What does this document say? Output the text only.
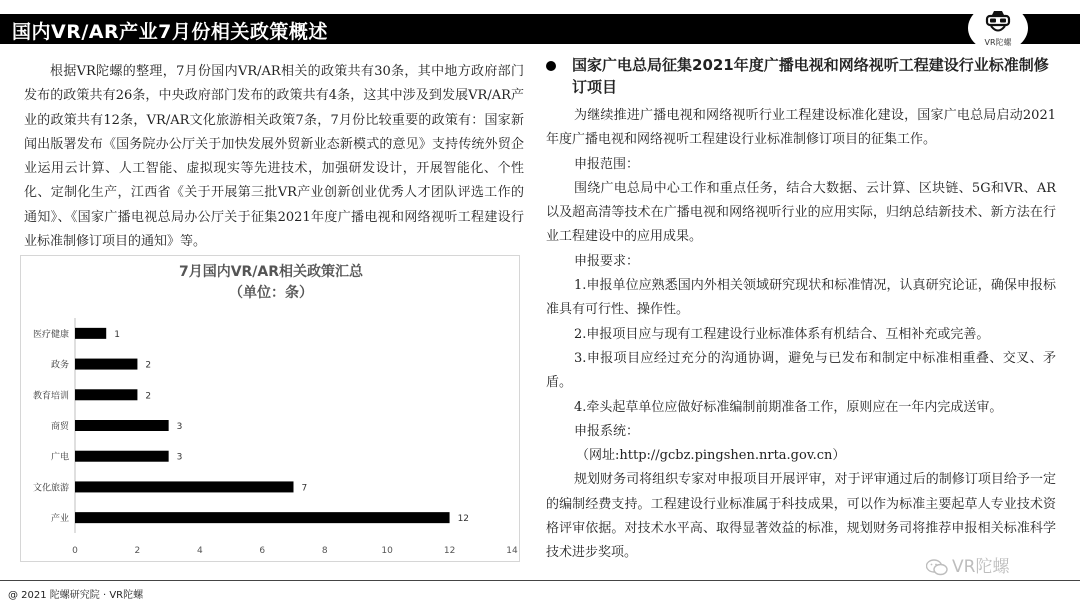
国内VR/AR产业7月份相关政策概述	VR陀螺
根据VR陀螺的整理，7月份国内VR/AR相关的政策共有30条，其中地方政府部门发布的政策共有26条，中央政府部门发布的政策共有4条，这其中涉及到发展VR/AR产业的政策共有12条，VR/AR文化旅游相关政策7条，7月份比较重要的政策有：国家新闻出版署发布《国务院办公厅关于加快发展外贸新业态新模式的意见》支持传统外贸企业运用云计算、人工智能、虚拟现实等先进技术，加强研发设计，开展智能化、个性化、定制化生产，江西省《关于开展第三批VR产业创新创业优秀人才团队评选工作的通知》、《国家广播电视总局办公厅关于征集2021年度广播电视和网络视听工程建设行业标准制修订项目的通知》等。
7月国内VR/AR相关政策汇总
（单位：条）
医疗健康	1
政务	2
教育培训	2
商贸	3
广电	3
文化旅游	7
产业	12
0	2	4	6	8	10	12	14
国家广电总局征集2021年度广播电视和网络视听工程建设行业标准制修订项目

为继续推进广播电视和网络视听行业工程建设标准化建设，国家广电总局启动2021年度广播电视和网络视听工程建设行业标准制修订项目的征集工作。

申报范围：

围绕广电总局中心工作和重点任务，结合大数据、云计算、区块链、5G和VR、AR以及超高清等技术在广播电视和网络视听行业的应用实际，归纳总结新技术、新方法在行业工程建设中的应用成果。

申报要求：

1.申报单位应熟悉国内外相关领域研究现状和标准情况，认真研究论证，确保申报标准具有可行性、操作性。

2.申报项目应与现有工程建设行业标准体系有机结合、互相补充或完善。

3.申报项目应经过充分的沟通协调，避免与已发布和制定中标准相重叠、交叉、矛盾。

4.牵头起草单位应做好标准编制前期准备工作，原则应在一年内完成送审。

申报系统：

（网址:http://gcbz.pingshen.nrta.gov.cn）

规划财务司将组织专家对申报项目开展评审，对于评审通过后的制修订项目给予一定的编制经费支持。工程建设行业标准属于科技成果，可以作为标准主要起草人专业技术资格评审依据。对技术水平高、取得显著效益的标准，规划财务司将推荐申报相关标准科学技术进步奖项。

@ 2021 陀螺研究院 · VR陀螺
VR陀螺
